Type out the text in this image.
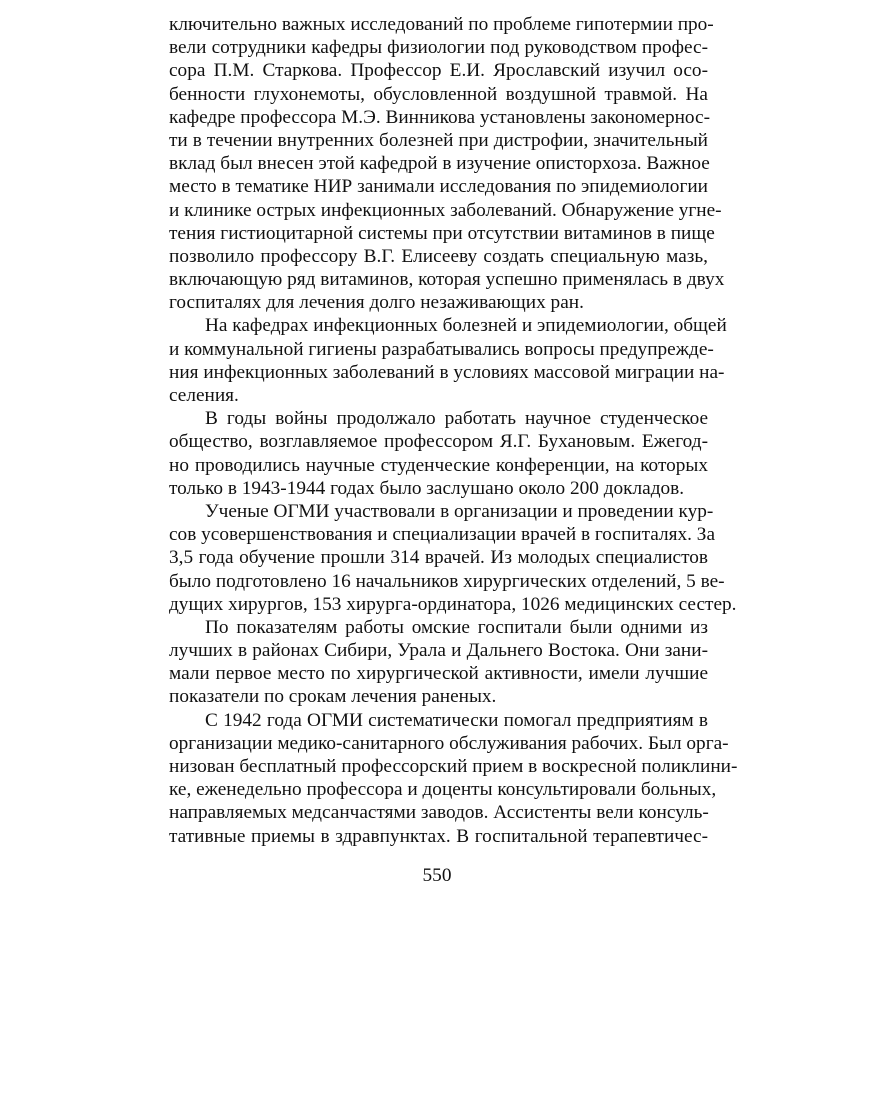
ключительно важных исследований по проблеме гипотермии про-
вели сотрудники кафедры физиологии под руководством профес-
сора П.М. Старкова. Профессор Е.И. Ярославский изучил осо-
бенности глухонемоты, обусловленной воздушной травмой. На
кафедре профессора М.Э. Винникова установлены закономернос-
ти в течении внутренних болезней при дистрофии, значительный
вклад был внесен этой кафедрой в изучение описторхоза. Важное
место в тематике НИР занимали исследования по эпидемиологии
и клинике острых инфекционных заболеваний. Обнаружение угне-
тения гистиоцитарной системы при отсутствии витаминов в пище
позволило профессору В.Г. Елисееву создать специальную мазь,
включающую ряд витаминов, которая успешно применялась в двух
госпиталях для лечения долго незаживающих ран.
На кафедрах инфекционных болезней и эпидемиологии, общей
и коммунальной гигиены разрабатывались вопросы предупрежде-
ния инфекционных заболеваний в условиях массовой миграции на-
селения.
В годы войны продолжало работать научное студенческое
общество, возглавляемое профессором Я.Г. Бухановым. Ежегод-
но проводились научные студенческие конференции, на которых
только в 1943-1944 годах было заслушано около 200 докладов.
Ученые ОГМИ участвовали в организации и проведении кур-
сов усовершенствования и специализации врачей в госпиталях. За
3,5 года обучение прошли 314 врачей. Из молодых специалистов
было подготовлено 16 начальников хирургических отделений, 5 ве-
дущих хирургов, 153 хирурга-ординатора, 1026 медицинских сестер.
По показателям работы омские госпитали были одними из
лучших в районах Сибири, Урала и Дальнего Востока. Они зани-
мали первое место по хирургической активности, имели лучшие
показатели по срокам лечения раненых.
С 1942 года ОГМИ систематически помогал предприятиям в
организации медико-санитарного обслуживания рабочих. Был орга-
низован бесплатный профессорский прием в воскресной поликлини-
ке, еженедельно профессора и доценты консультировали больных,
направляемых медсанчастями заводов. Ассистенты вели консуль-
тативные приемы в здравпунктах. В госпитальной терапевтичес-
550
